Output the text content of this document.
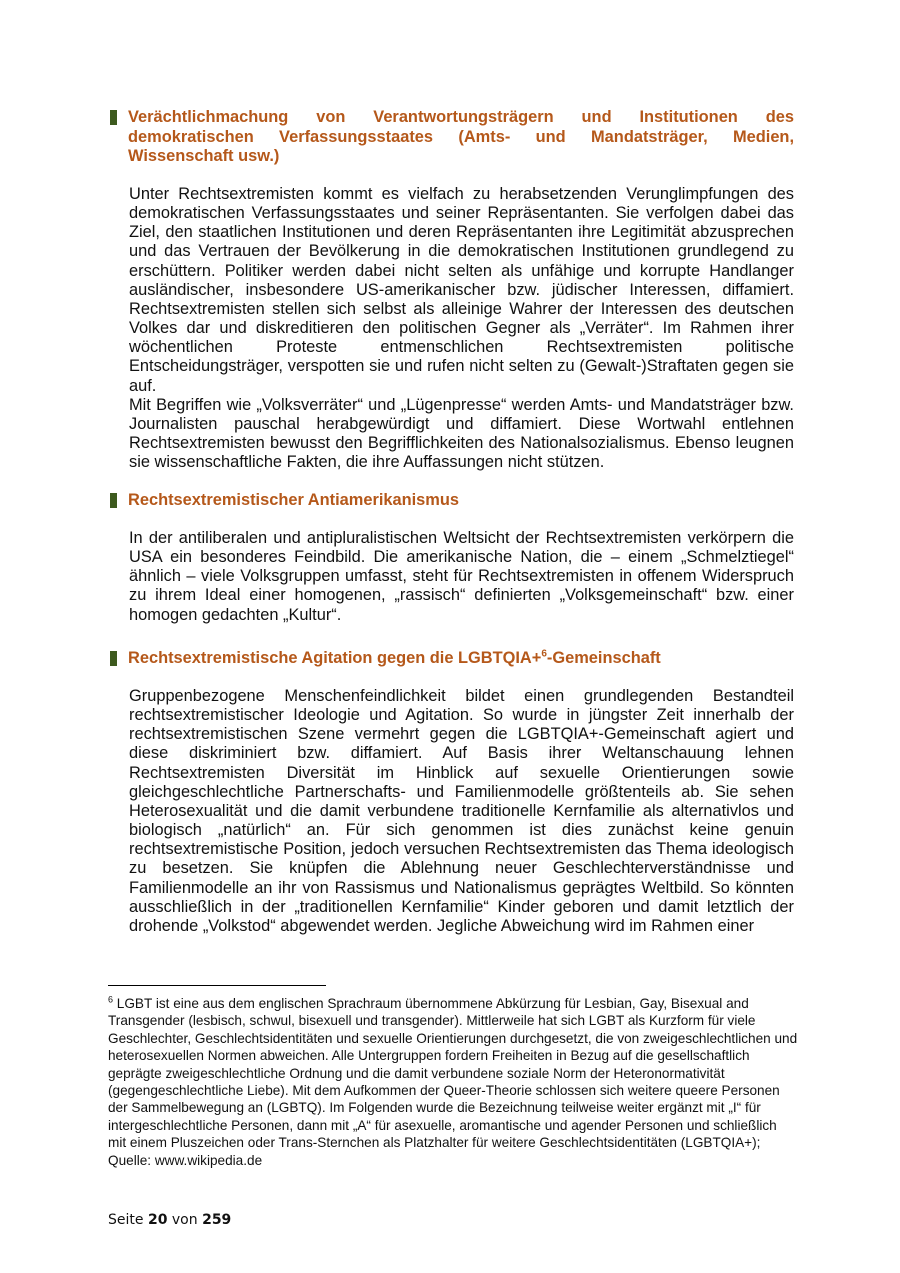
Verächtlichmachung von Verantwortungsträgern und Institutionen des demokratischen Verfassungsstaates (Amts- und Mandatsträger, Medien, Wissenschaft usw.)

Unter Rechtsextremisten kommt es vielfach zu herabsetzenden Verunglimpfungen des demokratischen Verfassungsstaates und seiner Repräsentanten. Sie verfolgen dabei das Ziel, den staatlichen Institutionen und deren Repräsentanten ihre Legitimität abzusprechen und das Vertrauen der Bevölkerung in die demokratischen Institutionen grundlegend zu erschüttern. Politiker werden dabei nicht selten als unfähige und korrupte Handlanger ausländischer, insbesondere US-amerikanischer bzw. jüdischer Interessen, diffamiert. Rechtsextremisten stellen sich selbst als alleinige Wahrer der Interessen des deutschen Volkes dar und diskreditieren den politischen Gegner als „Verräter“. Im Rahmen ihrer wöchentlichen Proteste entmenschlichen Rechtsextremisten politische Entscheidungsträger, verspotten sie und rufen nicht selten zu (Gewalt-)Straftaten gegen sie auf.

Mit Begriffen wie „Volksverräter“ und „Lügenpresse“ werden Amts- und Mandatsträger bzw. Journalisten pauschal herabgewürdigt und diffamiert. Diese Wortwahl entlehnen Rechtsextremisten bewusst den Begrifflichkeiten des Nationalsozialismus. Ebenso leugnen sie wissenschaftliche Fakten, die ihre Auffassungen nicht stützen.

Rechtsextremistischer Antiamerikanismus

In der antiliberalen und antipluralistischen Weltsicht der Rechtsextremisten verkörpern die USA ein besonderes Feindbild. Die amerikanische Nation, die – einem „Schmelztiegel“ ähnlich – viele Volksgruppen umfasst, steht für Rechtsextremisten in offenem Widerspruch zu ihrem Ideal einer homogenen, „rassisch“ definierten „Volksgemeinschaft“ bzw. einer homogen gedachten „Kultur“.

Rechtsextremistische Agitation gegen die LGBTQIA+$^6$-Gemeinschaft

Gruppenbezogene Menschenfeindlichkeit bildet einen grundlegenden Bestandteil rechtsextremistischer Ideologie und Agitation. So wurde in jüngster Zeit innerhalb der rechtsextremistischen Szene vermehrt gegen die LGBTQIA+-Gemeinschaft agiert und diese diskriminiert bzw. diffamiert. Auf Basis ihrer Weltanschauung lehnen Rechtsextremisten Diversität im Hinblick auf sexuelle Orientierungen sowie gleichgeschlechtliche Partnerschafts- und Familienmodelle größtenteils ab. Sie sehen Heterosexualität und die damit verbundene traditionelle Kernfamilie als alternativlos und biologisch „natürlich“ an. Für sich genommen ist dies zunächst keine genuin rechtsextremistische Position, jedoch versuchen Rechtsextremisten das Thema ideologisch zu besetzen. Sie knüpfen die Ablehnung neuer Geschlechterverständnisse und Familienmodelle an ihr von Rassismus und Nationalismus geprägtes Weltbild. So könnten ausschließlich in der „traditionellen Kernfamilie“ Kinder geboren und damit letztlich der drohende „Volkstod“ abgewendet werden. Jegliche Abweichung wird im Rahmen einer

$^6$ LGBT ist eine aus dem englischen Sprachraum übernommene Abkürzung für Lesbian, Gay, Bisexual and Transgender (lesbisch, schwul, bisexuell und transgender). Mittlerweile hat sich LGBT als Kurzform für viele Geschlechter, Geschlechtsidentitäten und sexuelle Orientierungen durchgesetzt, die von zweigeschlechtlichen und heterosexuellen Normen abweichen. Alle Untergruppen fordern Freiheiten in Bezug auf die gesellschaftlich geprägte zweigeschlechtliche Ordnung und die damit verbundene soziale Norm der Heteronormativität (gegengeschlechtliche Liebe). Mit dem Aufkommen der Queer-Theorie schlossen sich weitere queere Personen der Sammelbewegung an (LGBTQ). Im Folgenden wurde die Bezeichnung teilweise weiter ergänzt mit „I“ für intergeschlechtliche Personen, dann mit „A“ für asexuelle, aromantische und agender Personen und schließlich mit einem Pluszeichen oder Trans-Sternchen als Platzhalter für weitere Geschlechtsidentitäten (LGBTQIA+); Quelle: www.wikipedia.de

Seite 20 von 259
